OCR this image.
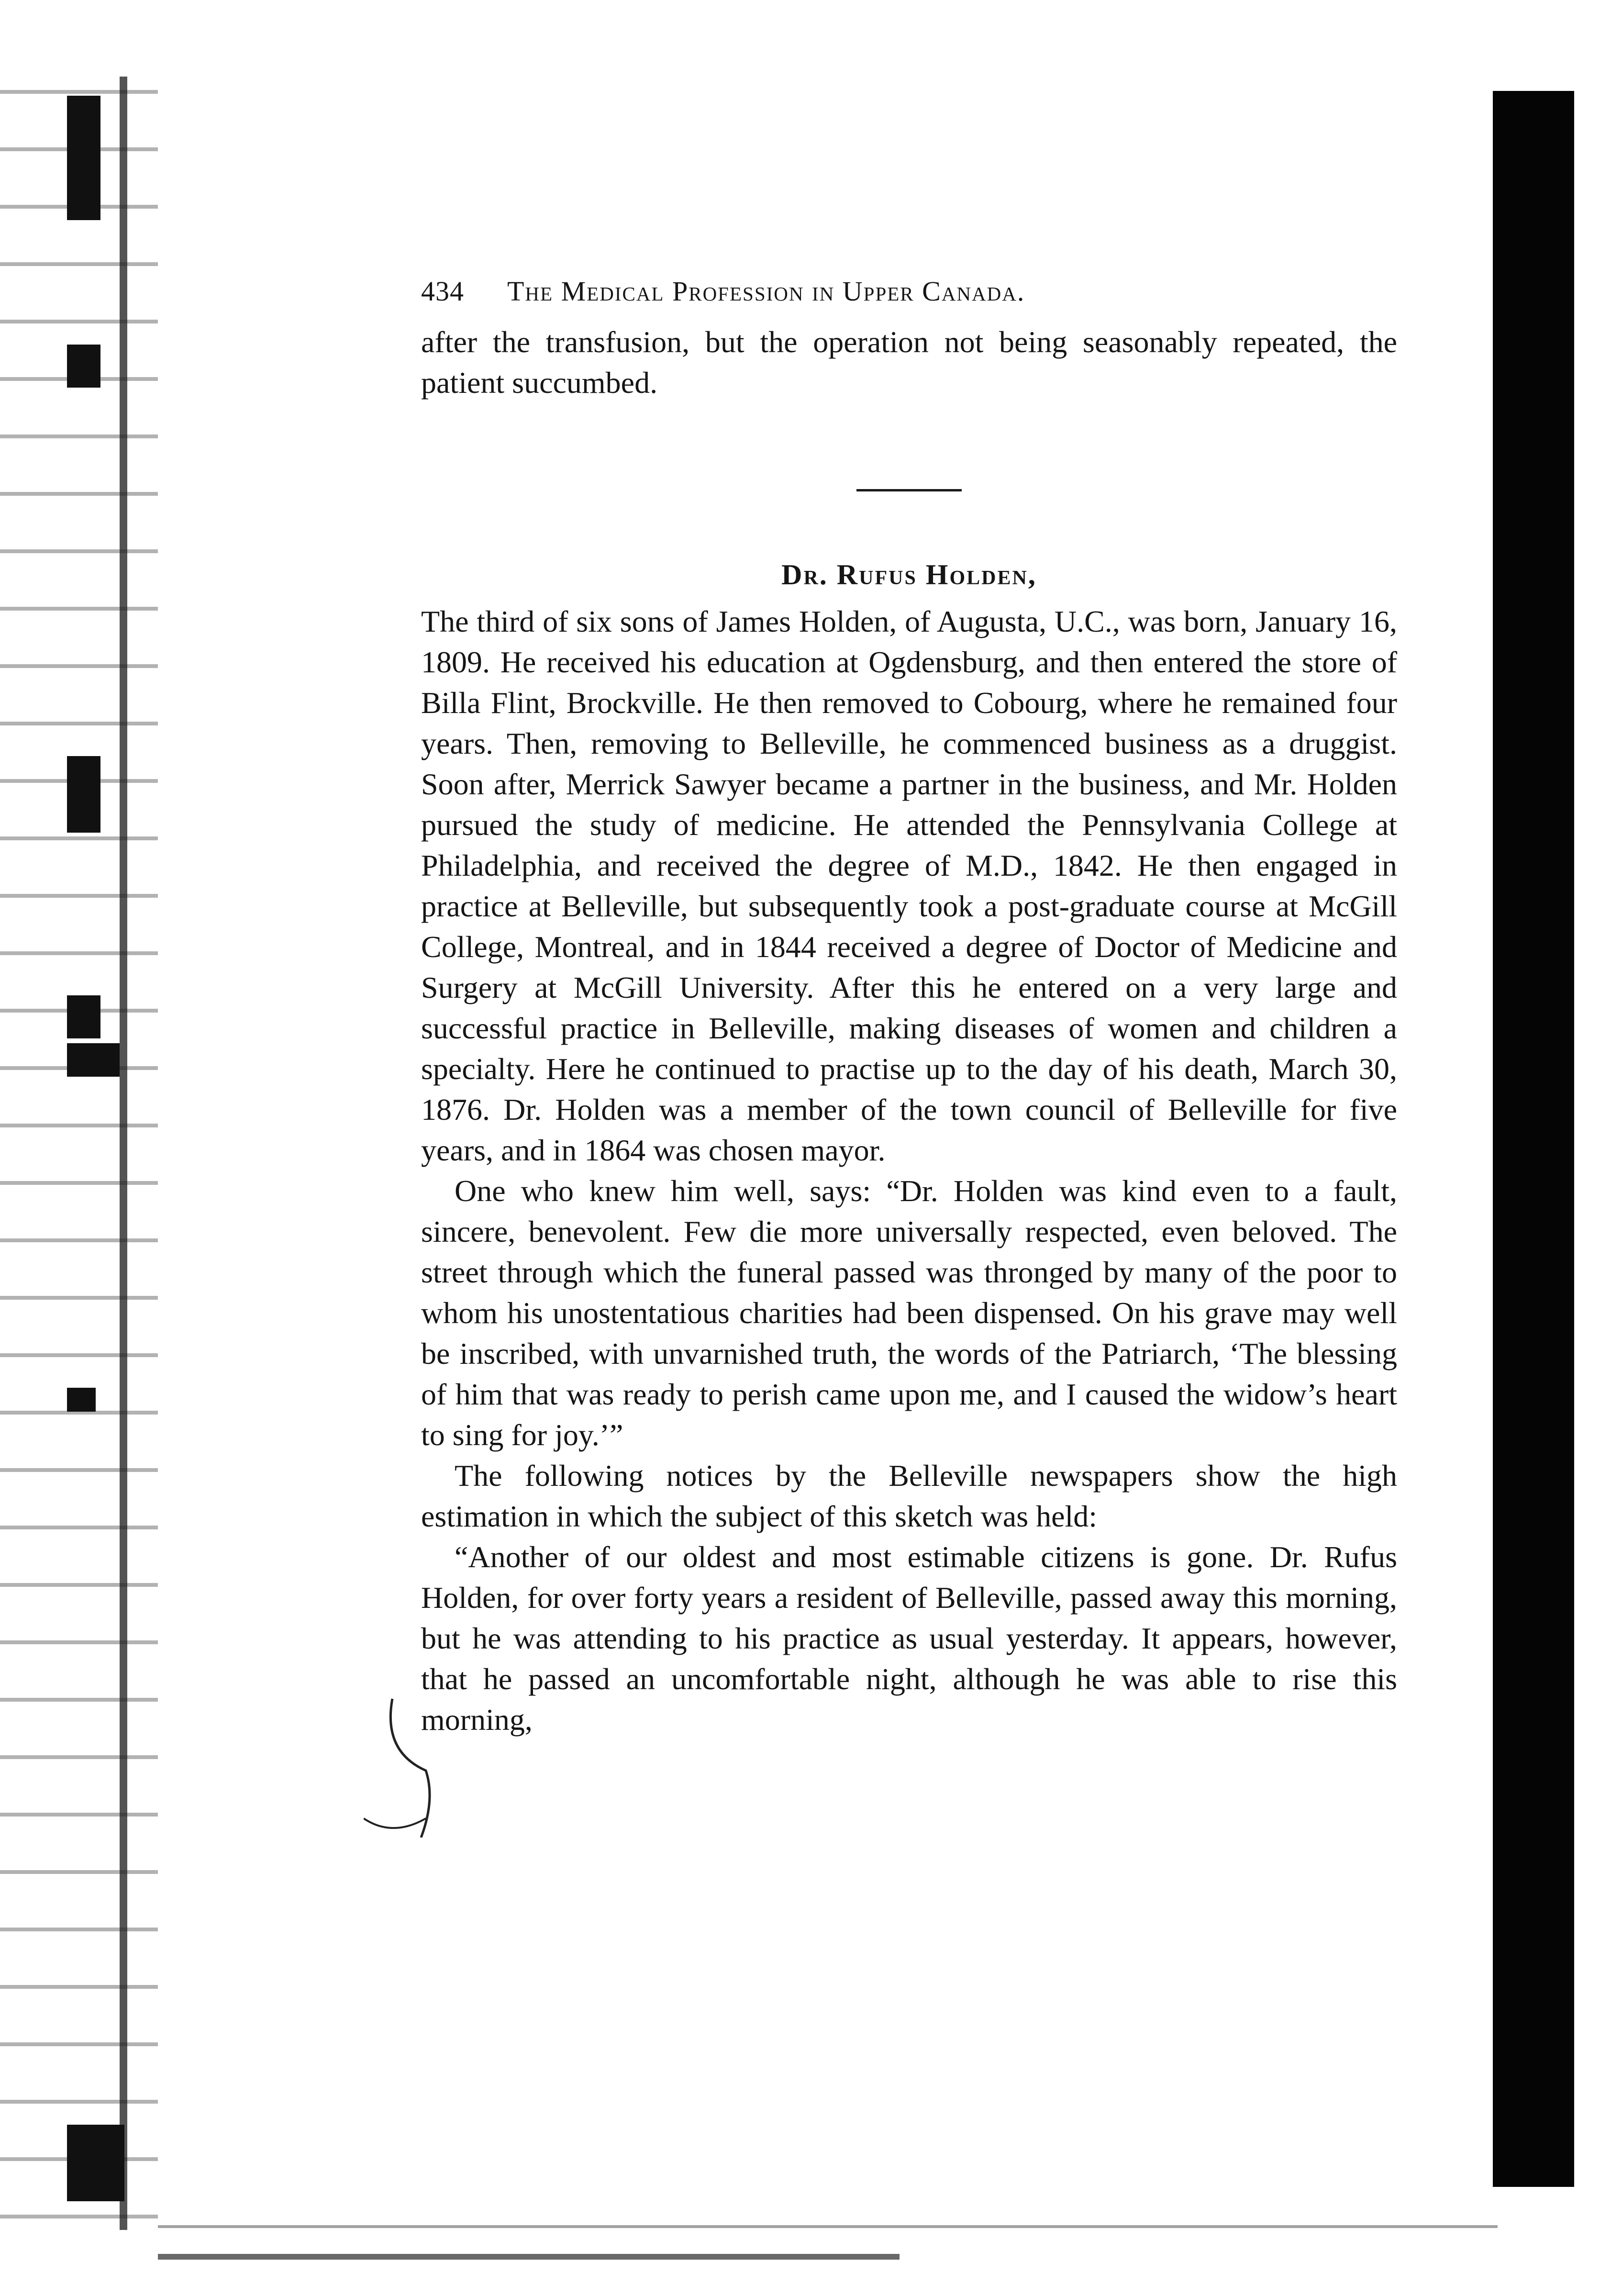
434	The Medical Profession in Upper Canada.

after the transfusion, but the operation not being seasonably repeated, the patient succumbed.

Dr. Rufus Holden,

The third of six sons of James Holden, of Augusta, U.C., was born, January 16, 1809. He received his education at Ogdensburg, and then entered the store of Billa Flint, Brockville. He then removed to Cobourg, where he remained four years. Then, removing to Belleville, he commenced business as a druggist. Soon after, Merrick Sawyer became a partner in the business, and Mr. Holden pursued the study of medicine. He attended the Pennsylvania College at Philadelphia, and received the degree of M.D., 1842. He then engaged in practice at Belleville, but subsequently took a post-graduate course at McGill College, Montreal, and in 1844 received a degree of Doctor of Medicine and Surgery at McGill University. After this he entered on a very large and successful practice in Belleville, making diseases of women and children a specialty. Here he continued to practise up to the day of his death, March 30, 1876. Dr. Holden was a member of the town council of Belleville for five years, and in 1864 was chosen mayor.

One who knew him well, says: “Dr. Holden was kind even to a fault, sincere, benevolent. Few die more universally respected, even beloved. The street through which the funeral passed was thronged by many of the poor to whom his unostentatious charities had been dispensed. On his grave may well be inscribed, with unvarnished truth, the words of the Patriarch, ‘The blessing of him that was ready to perish came upon me, and I caused the widow’s heart to sing for joy.’”

The following notices by the Belleville newspapers show the high estimation in which the subject of this sketch was held:

“Another of our oldest and most estimable citizens is gone. Dr. Rufus Holden, for over forty years a resident of Belleville, passed away this morning, but he was attending to his practice as usual yesterday. It appears, however, that he passed an uncomfortable night, although he was able to rise this morning,
